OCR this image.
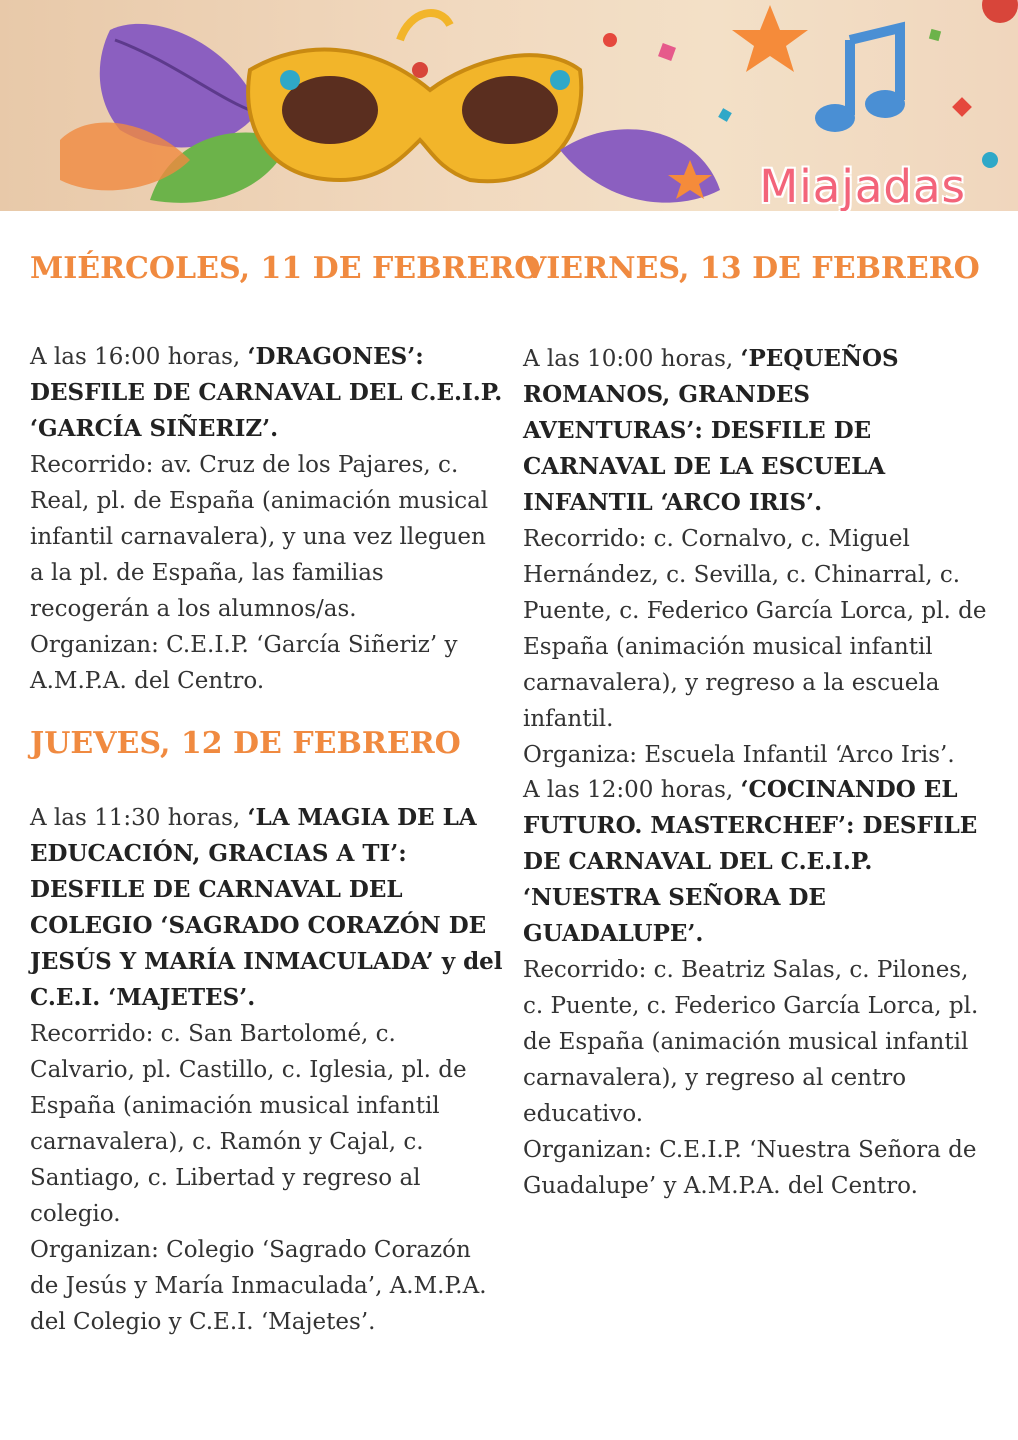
Miajadas
MIÉRCOLES, 11 DE FEBRERO

A las 16:00 horas, ‘DRAGONES’: DESFILE DE CARNAVAL DEL C.E.I.P. ‘GARCÍA SIÑERIZ’.

Recorrido: av. Cruz de los Pajares, c. Real, pl. de España (animación musical infantil carnavalera), y una vez lleguen a la pl. de España, las familias recogerán a los alumnos/as.

Organizan: C.E.I.P. ‘García Siñeriz’ y A.M.P.A. del Centro.

JUEVES, 12 DE FEBRERO

A las 11:30 horas, ‘LA MAGIA DE LA EDUCACIÓN, GRACIAS A TI’: DESFILE DE CARNAVAL DEL COLEGIO ‘SAGRADO CORAZÓN DE JESÚS Y MARÍA INMACULADA’ y del C.E.I. ‘MAJETES’.

Recorrido: c. San Bartolomé, c. Calvario, pl. Castillo, c. Iglesia, pl. de España (animación musical infantil carnavalera), c. Ramón y Cajal, c. Santiago, c. Libertad y regreso al colegio.

Organizan: Colegio ‘Sagrado Corazón de Jesús y María Inmaculada’, A.M.P.A. del Colegio y C.E.I. ‘Majetes’.

VIERNES, 13 DE FEBRERO

A las 10:00 horas, ‘PEQUEÑOS ROMANOS, GRANDES AVENTURAS’: DESFILE DE CARNAVAL DE LA ESCUELA INFANTIL ‘ARCO IRIS’.

Recorrido: c. Cornalvo, c. Miguel Hernández, c. Sevilla, c. Chinarral, c. Puente, c. Federico García Lorca, pl. de España (animación musical infantil carnavalera), y regreso a la escuela infantil.

Organiza: Escuela Infantil ‘Arco Iris’.

A las 12:00 horas, ‘COCINANDO EL FUTURO. MASTERCHEF’: DESFILE DE CARNAVAL DEL C.E.I.P. ‘NUESTRA SEÑORA DE GUADALUPE’.

Recorrido: c. Beatriz Salas, c. Pilones, c. Puente, c. Federico García Lorca, pl. de España (animación musical infantil carnavalera), y regreso al centro educativo.

Organizan: C.E.I.P. ‘Nuestra Señora de Guadalupe’ y A.M.P.A. del Centro.
